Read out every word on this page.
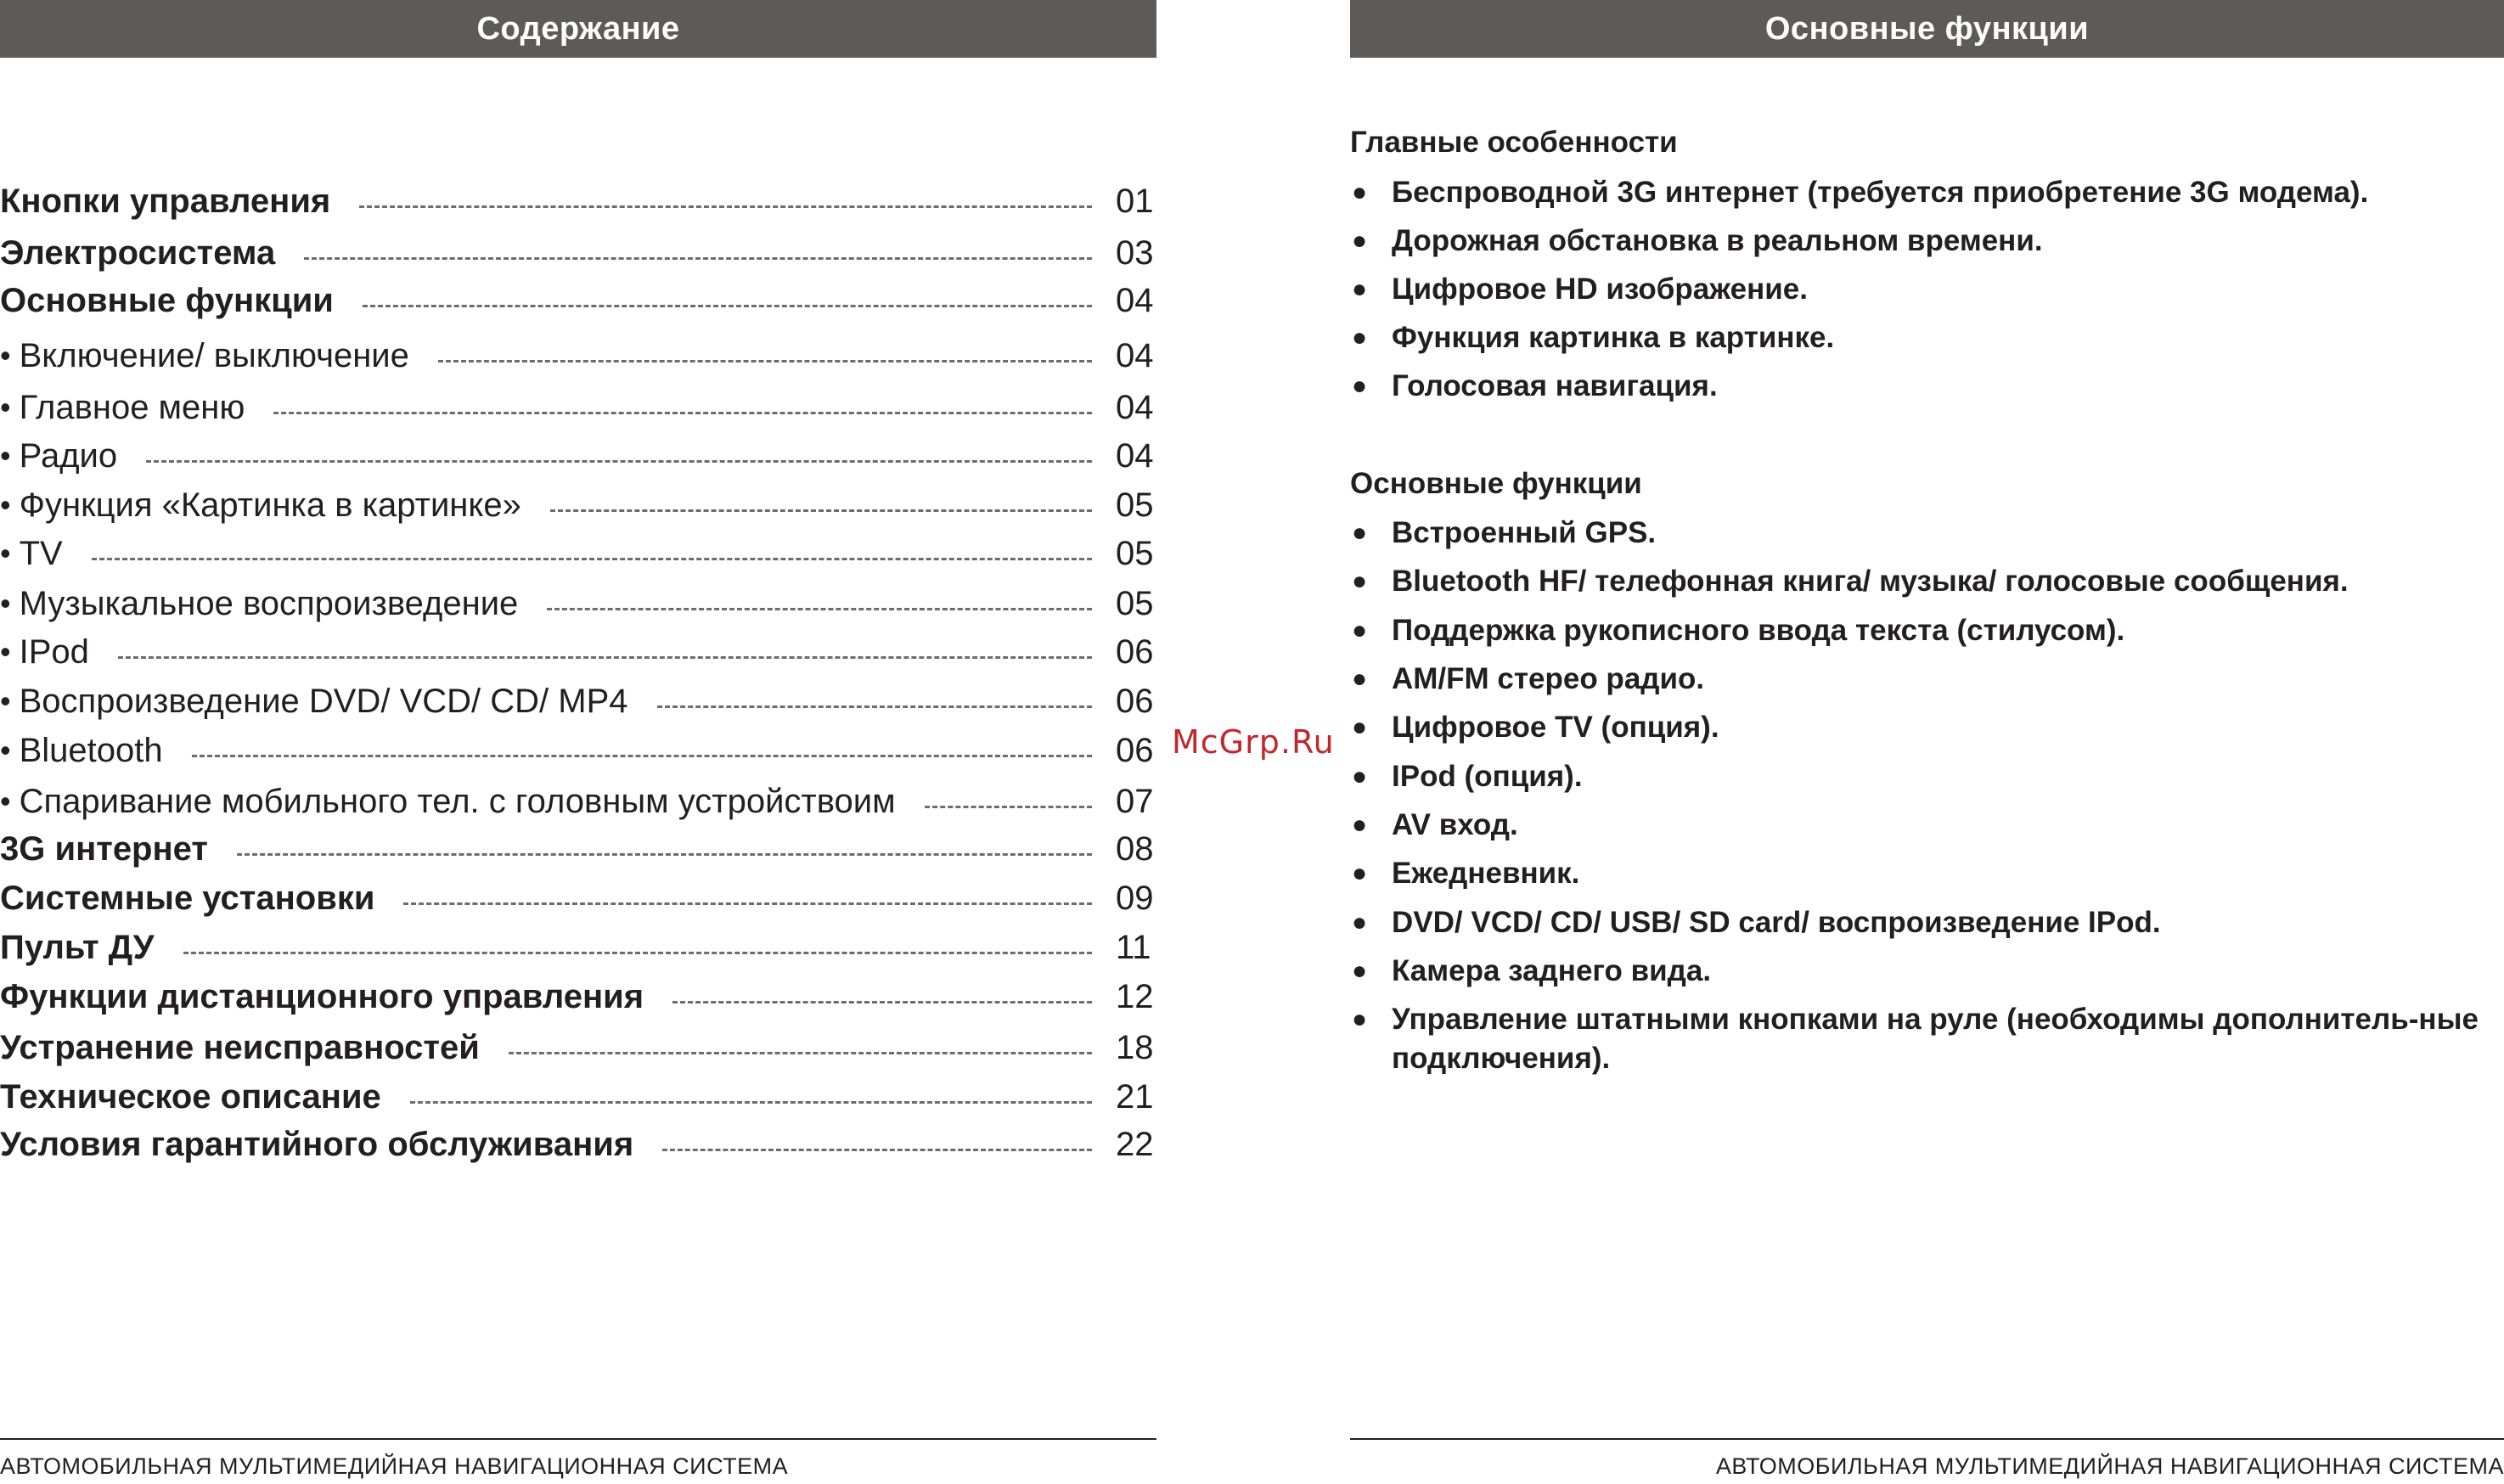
Содержание
Кнопки управления	01
Электросистема	03
Основные функции	04
• Включение/ выключение	04
• Главное меню	04
• Радио	04
• Функция «Картинка в картинке»	05
• TV	05
• Музыкальное воспроизведение	05
• IPod	06
• Воспроизведение DVD/ VCD/ CD/ MP4	06
• Bluetooth	06
• Спаривание мобильного тел. с головным устройствоим	07
3G интернет	08
Системные установки	09
Пульт ДУ	11
Функции дистанционного управления	12
Устранение неисправностей	18
Техническое описание	21
Условия гарантийного обслуживания	22
АВТОМОБИЛЬНАЯ МУЛЬТИМЕДИЙНАЯ НАВИГАЦИОННАЯ СИСТЕМА
Основные функции
Главные особенности
● Беспроводной 3G интернет (требуется приобретение 3G модема).
● Дорожная обстановка в реальном времени.
● Цифровое HD изображение.
● Функция картинка в картинке.
● Голосовая навигация.
Основные функции
● Встроенный GPS.
● Bluetooth HF/ телефонная книга/ музыка/ голосовые сообщения.
● Поддержка рукописного ввода текста (стилусом).
● AM/FM стерео радио.
● Цифровое TV (опция).
● IPod (опция).
● AV вход.
● Ежедневник.
● DVD/ VCD/ CD/ USB/ SD card/ воспроизведение IPod.
● Камера заднего вида.
● Управление штатными кнопками на руле (необходимы дополнитель-ные подключения).
АВТОМОБИЛЬНАЯ МУЛЬТИМЕДИЙНАЯ НАВИГАЦИОННАЯ СИСТЕМА
McGrp.Ru
